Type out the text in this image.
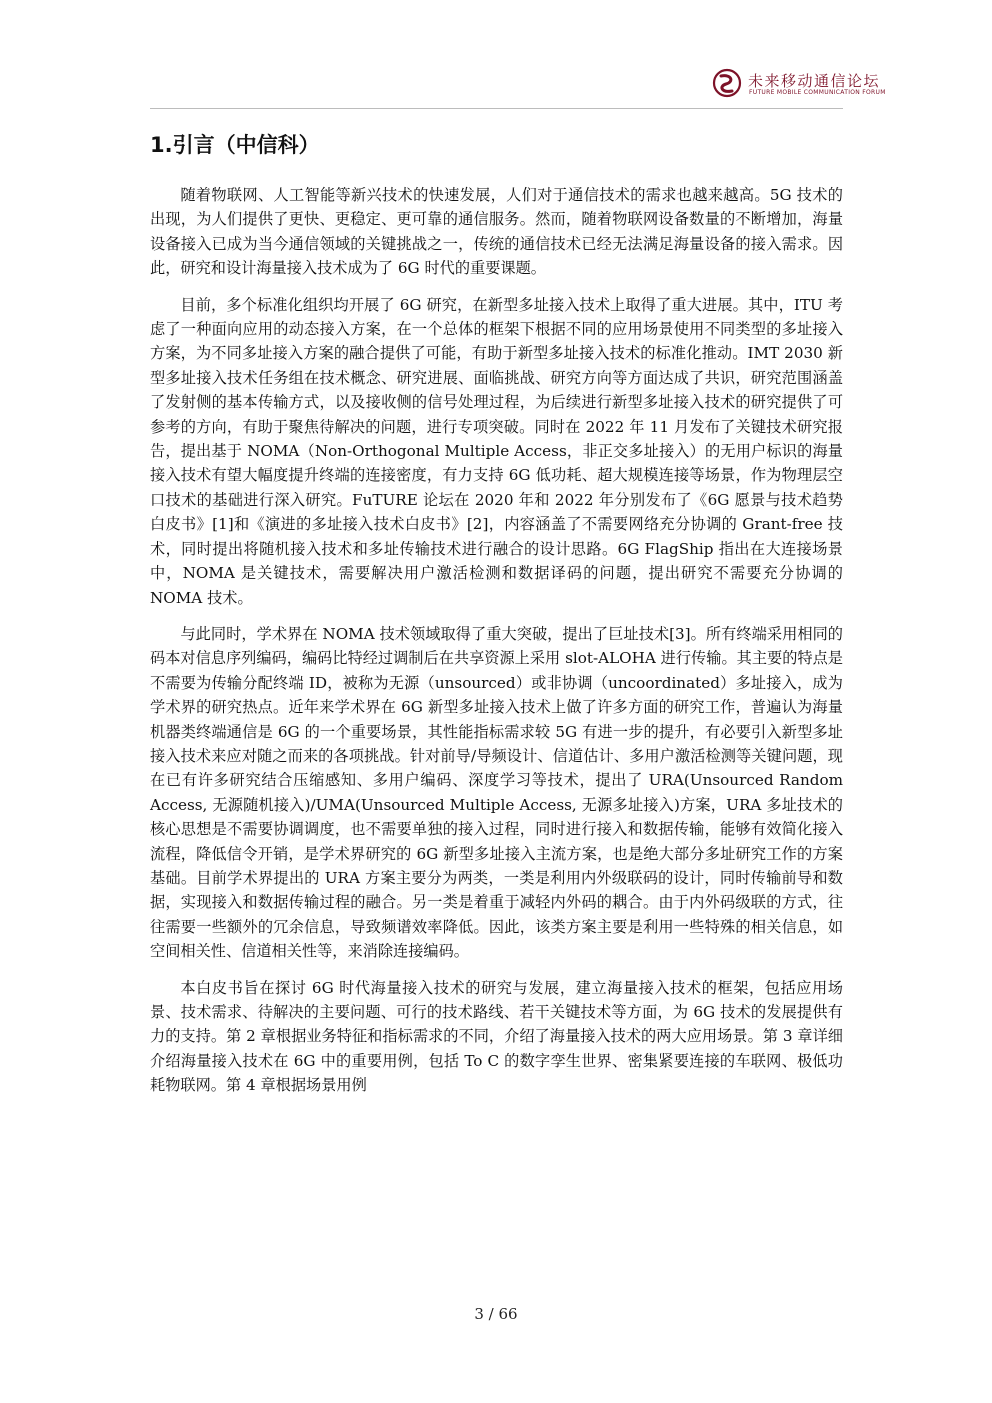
未来移动通信论坛
FUTURE MOBILE COMMUNICATION FORUM
1.引言（中信科）

随着物联网、人工智能等新兴技术的快速发展，人们对于通信技术的需求也越来越高。5G 技术的出现，为人们提供了更快、更稳定、更可靠的通信服务。然而，随着物联网设备数量的不断增加，海量设备接入已成为当今通信领域的关键挑战之一，传统的通信技术已经无法满足海量设备的接入需求。因此，研究和设计海量接入技术成为了 6G 时代的重要课题。

目前，多个标准化组织均开展了 6G 研究，在新型多址接入技术上取得了重大进展。其中，ITU 考虑了一种面向应用的动态接入方案，在一个总体的框架下根据不同的应用场景使用不同类型的多址接入方案，为不同多址接入方案的融合提供了可能，有助于新型多址接入技术的标准化推动。IMT 2030 新型多址接入技术任务组在技术概念、研究进展、面临挑战、研究方向等方面达成了共识，研究范围涵盖了发射侧的基本传输方式，以及接收侧的信号处理过程，为后续进行新型多址接入技术的研究提供了可参考的方向，有助于聚焦待解决的问题，进行专项突破。同时在 2022 年 11 月发布了关键技术研究报告，提出基于 NOMA（Non-Orthogonal Multiple Access，非正交多址接入）的无用户标识的海量接入技术有望大幅度提升终端的连接密度，有力支持 6G 低功耗、超大规模连接等场景，作为物理层空口技术的基础进行深入研究。FuTURE 论坛在 2020 年和 2022 年分别发布了《6G 愿景与技术趋势白皮书》[1]和《演进的多址接入技术白皮书》[2]，内容涵盖了不需要网络充分协调的 Grant-free 技术，同时提出将随机接入技术和多址传输技术进行融合的设计思路。6G FlagShip 指出在大连接场景中，NOMA 是关键技术，需要解决用户激活检测和数据译码的问题，提出研究不需要充分协调的 NOMA 技术。

与此同时，学术界在 NOMA 技术领域取得了重大突破，提出了巨址技术[3]。所有终端采用相同的码本对信息序列编码，编码比特经过调制后在共享资源上采用 slot-ALOHA 进行传输。其主要的特点是不需要为传输分配终端 ID，被称为无源（unsourced）或非协调（uncoordinated）多址接入，成为学术界的研究热点。近年来学术界在 6G 新型多址接入技术上做了许多方面的研究工作，普遍认为海量机器类终端通信是 6G 的一个重要场景，其性能指标需求较 5G 有进一步的提升，有必要引入新型多址接入技术来应对随之而来的各项挑战。针对前导/导频设计、信道估计、多用户激活检测等关键问题，现在已有许多研究结合压缩感知、多用户编码、深度学习等技术，提出了 URA(Unsourced Random Access, 无源随机接入)/UMA(Unsourced Multiple Access, 无源多址接入)方案，URA 多址技术的核心思想是不需要协调调度，也不需要单独的接入过程，同时进行接入和数据传输，能够有效简化接入流程，降低信令开销，是学术界研究的 6G 新型多址接入主流方案，也是绝大部分多址研究工作的方案基础。目前学术界提出的 URA 方案主要分为两类，一类是利用内外级联码的设计，同时传输前导和数据，实现接入和数据传输过程的融合。另一类是着重于减轻内外码的耦合。由于内外码级联的方式，往往需要一些额外的冗余信息，导致频谱效率降低。因此，该类方案主要是利用一些特殊的相关信息，如空间相关性、信道相关性等，来消除连接编码。

本白皮书旨在探讨 6G 时代海量接入技术的研究与发展，建立海量接入技术的框架，包括应用场景、技术需求、待解决的主要问题、可行的技术路线、若干关键技术等方面，为 6G 技术的发展提供有力的支持。第 2 章根据业务特征和指标需求的不同，介绍了海量接入技术的两大应用场景。第 3 章详细介绍海量接入技术在 6G 中的重要用例，包括 To C 的数字孪生世界、密集紧要连接的车联网、极低功耗物联网。第 4 章根据场景用例

3 / 66
